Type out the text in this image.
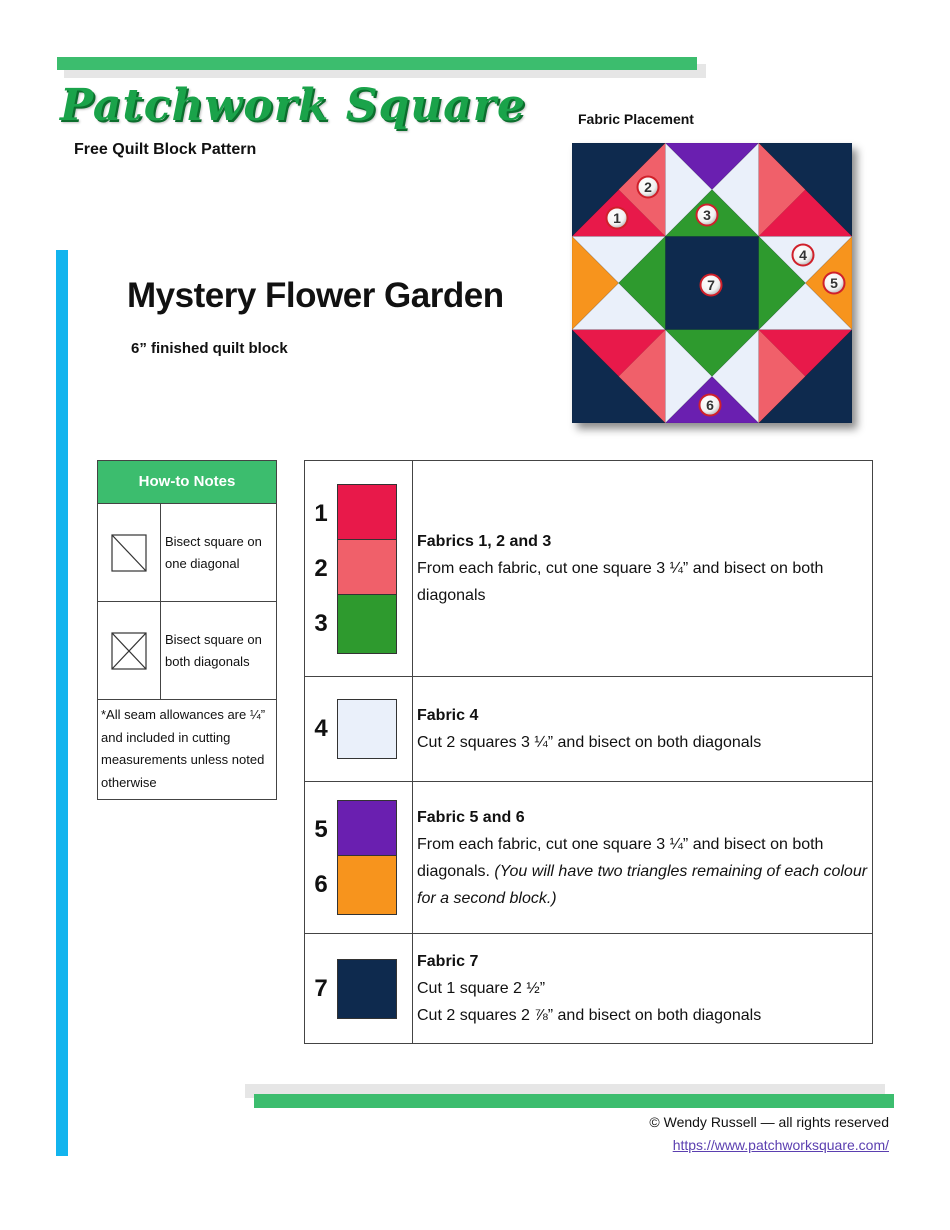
Patchwork Square
Free Quilt Block Pattern
Fabric Placement
1
2
3
4
5
6
7
Mystery Flower Garden
6” finished quilt block
How-to Notes
Bisect square on one diagonal
Bisect square on both diagonals
*All seam allowances are ¼” and included in cutting measurements unless noted otherwise
1
2
3
Fabrics 1, 2 and 3
From each fabric, cut one square 3 ¼” and bisect on both diagonals
4	Fabric 4
Cut 2 squares 3 ¼” and bisect on both diagonals
5
6
Fabric 5 and 6
From each fabric, cut one square 3 ¼” and bisect on both diagonals. (You will have two triangles remaining of each colour for a second block.)
7
Fabric 7
Cut 1 square 2 ½”
Cut 2 squares 2 ⅞” and bisect on both diagonals
© Wendy Russell — all rights reserved
https://www.patchworksquare.com/
